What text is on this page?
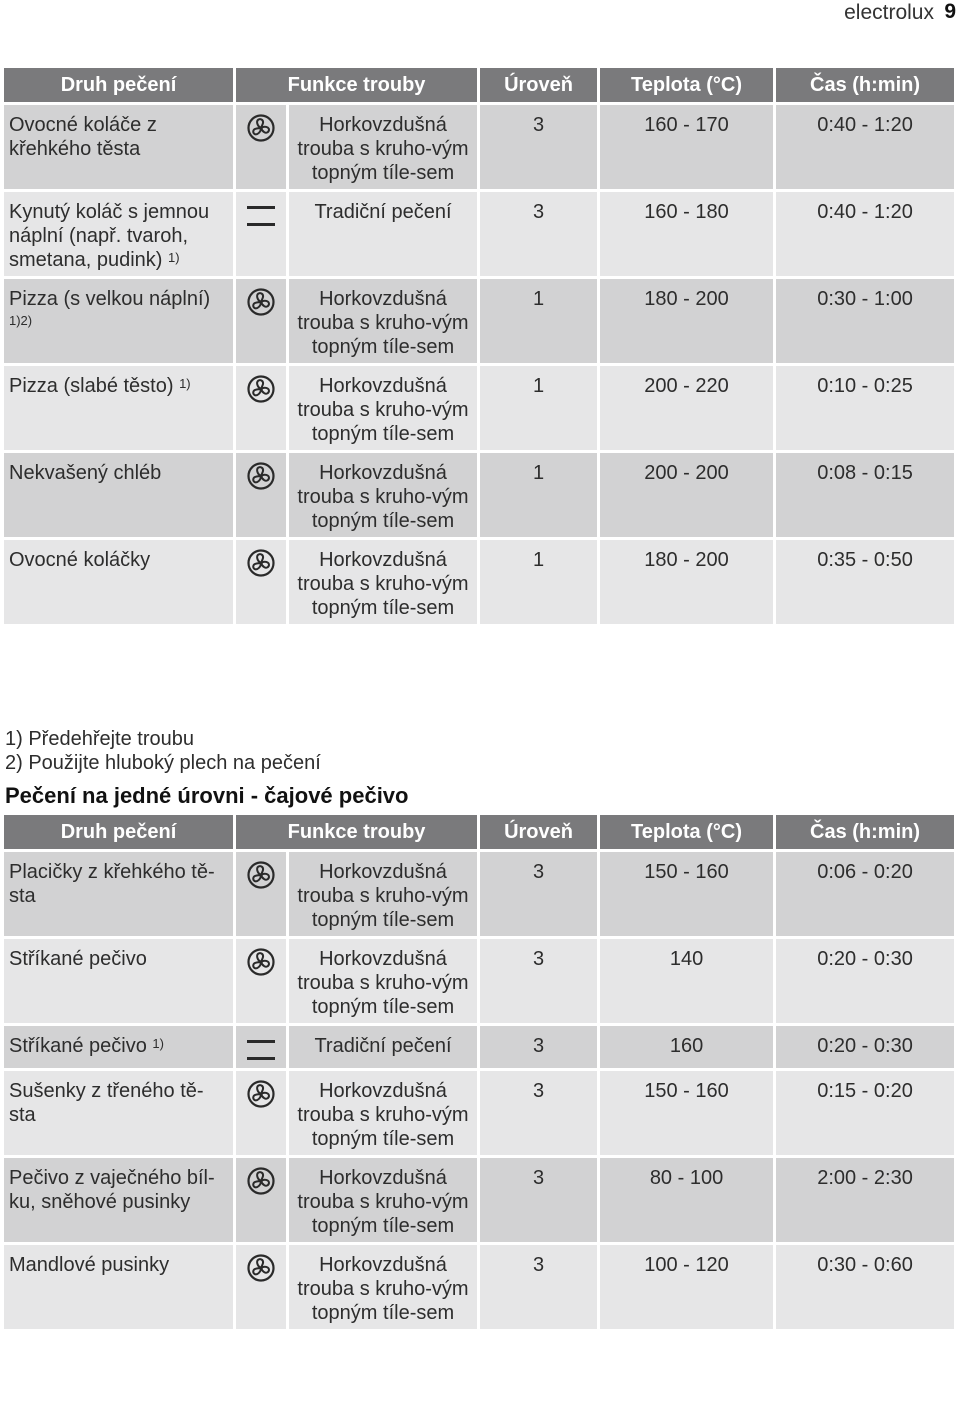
electrolux 9
Druh pečení	Funkce trouby		Úroveň	Teplota (°C)	Čas (h:min)
Ovocné koláče z křehkého těsta		Horkovzdušná trouba s kruho-vým topným tíle-sem	3	160 - 170	0:40 - 1:20
Kynutý koláč s jemnou náplní (např. tvaroh, smetana, pudink) $^{1)}$		Tradiční pečení	3	160 - 180	0:40 - 1:20
Pizza (s velkou náplní) $^{1)2)}$		Horkovzdušná trouba s kruho-vým topným tíle-sem	1	180 - 200	0:30 - 1:00
Pizza (slabé těsto) $^{1)}$		Horkovzdušná trouba s kruho-vým topným tíle-sem	1	200 - 220	0:10 - 0:25
Nekvašený chléb		Horkovzdušná trouba s kruho-vým topným tíle-sem	1	200 - 200	0:08 - 0:15
Ovocné koláčky		Horkovzdušná trouba s kruho-vým topným tíle-sem	1	180 - 200	0:35 - 0:50
1) Předehřejte troubu
2) Použijte hluboký plech na pečení
Pečení na jedné úrovni - čajové pečivo
Druh pečení	Funkce trouby		Úroveň	Teplota (°C)	Čas (h:min)
Placičky z křehkého tě-sta		Horkovzdušná trouba s kruho-vým topným tíle-sem	3	150 - 160	0:06 - 0:20
Stříkané pečivo		Horkovzdušná trouba s kruho-vým topným tíle-sem	3	140	0:20 - 0:30
Stříkané pečivo $^{1)}$		Tradiční pečení	3	160	0:20 - 0:30
Sušenky z třeného tě-sta		Horkovzdušná trouba s kruho-vým topným tíle-sem	3	150 - 160	0:15 - 0:20
Pečivo z vaječného bíl-ku, sněhové pusinky		Horkovzdušná trouba s kruho-vým topným tíle-sem	3	80 - 100	2:00 - 2:30
Mandlové pusinky		Horkovzdušná trouba s kruho-vým topným tíle-sem	3	100 - 120	0:30 - 0:60
